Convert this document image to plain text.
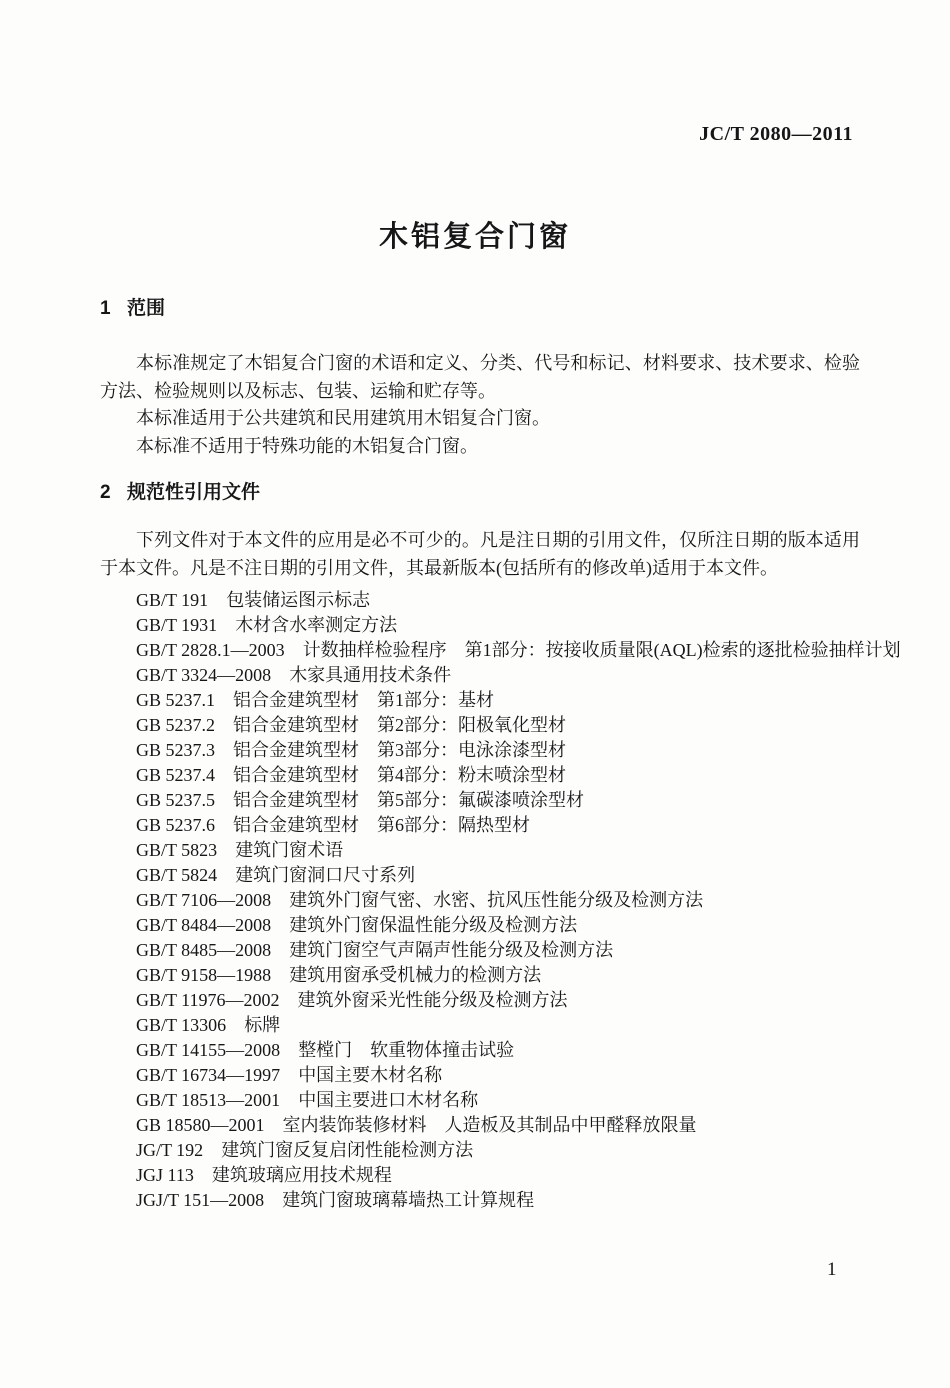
JC/T 2080—2011
木铝复合门窗
1 范围

本标准规定了木铝复合门窗的术语和定义、分类、代号和标记、材料要求、技术要求、检验方法、检验规则以及标志、包装、运输和贮存等。

本标准适用于公共建筑和民用建筑用木铝复合门窗。

本标准不适用于特殊功能的木铝复合门窗。

2 规范性引用文件

下列文件对于本文件的应用是必不可少的。凡是注日期的引用文件，仅所注日期的版本适用于本文件。凡是不注日期的引用文件，其最新版本(包括所有的修改单)适用于本文件。

GB/T 191 包装储运图示标志
GB/T 1931 木材含水率测定方法
GB/T 2828.1—2003 计数抽样检验程序　第1部分：按接收质量限(AQL)检索的逐批检验抽样计划
GB/T 3324—2008 木家具通用技术条件
GB 5237.1 铝合金建筑型材　第1部分：基材
GB 5237.2 铝合金建筑型材　第2部分：阳极氧化型材
GB 5237.3 铝合金建筑型材　第3部分：电泳涂漆型材
GB 5237.4 铝合金建筑型材　第4部分：粉末喷涂型材
GB 5237.5 铝合金建筑型材　第5部分：氟碳漆喷涂型材
GB 5237.6 铝合金建筑型材　第6部分：隔热型材
GB/T 5823 建筑门窗术语
GB/T 5824 建筑门窗洞口尺寸系列
GB/T 7106—2008 建筑外门窗气密、水密、抗风压性能分级及检测方法
GB/T 8484—2008 建筑外门窗保温性能分级及检测方法
GB/T 8485—2008 建筑门窗空气声隔声性能分级及检测方法
GB/T 9158—1988 建筑用窗承受机械力的检测方法
GB/T 11976—2002 建筑外窗采光性能分级及检测方法
GB/T 13306 标牌
GB/T 14155—2008 整樘门　软重物体撞击试验
GB/T 16734—1997 中国主要木材名称
GB/T 18513—2001 中国主要进口木材名称
GB 18580—2001 室内装饰装修材料　人造板及其制品中甲醛释放限量
JG/T 192 建筑门窗反复启闭性能检测方法
JGJ 113 建筑玻璃应用技术规程
JGJ/T 151—2008 建筑门窗玻璃幕墙热工计算规程
1
